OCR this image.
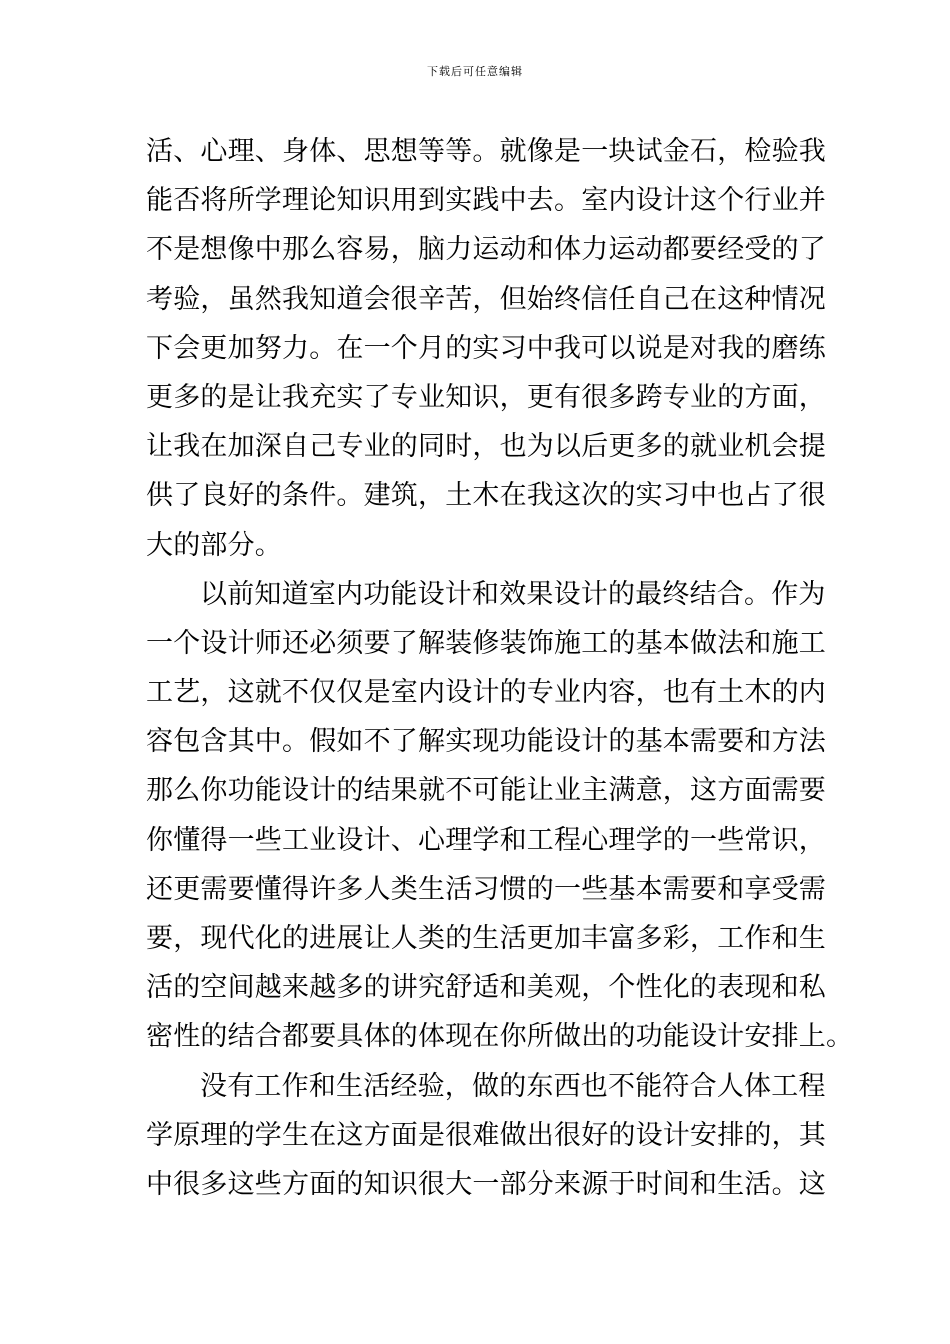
下载后可任意编辑
活、心理、身体、思想等等。就像是一块试金石，检验我
能否将所学理论知识用到实践中去。室内设计这个行业并
不是想像中那么容易，脑力运动和体力运动都要经受的了
考验，虽然我知道会很辛苦，但始终信任自己在这种情况
下会更加努力。在一个月的实习中我可以说是对我的磨练
更多的是让我充实了专业知识，更有很多跨专业的方面，
让我在加深自己专业的同时，也为以后更多的就业机会提
供了良好的条件。建筑，土木在我这次的实习中也占了很
大的部分。
以前知道室内功能设计和效果设计的最终结合。作为
一个设计师还必须要了解装修装饰施工的基本做法和施工
工艺，这就不仅仅是室内设计的专业内容，也有土木的内
容包含其中。假如不了解实现功能设计的基本需要和方法
那么你功能设计的结果就不可能让业主满意，这方面需要
你懂得一些工业设计、心理学和工程心理学的一些常识，
还更需要懂得许多人类生活习惯的一些基本需要和享受需
要，现代化的进展让人类的生活更加丰富多彩，工作和生
活的空间越来越多的讲究舒适和美观，个性化的表现和私
密性的结合都要具体的体现在你所做出的功能设计安排上。
没有工作和生活经验，做的东西也不能符合人体工程
学原理的学生在这方面是很难做出很好的设计安排的，其
中很多这些方面的知识很大一部分来源于时间和生活。这
